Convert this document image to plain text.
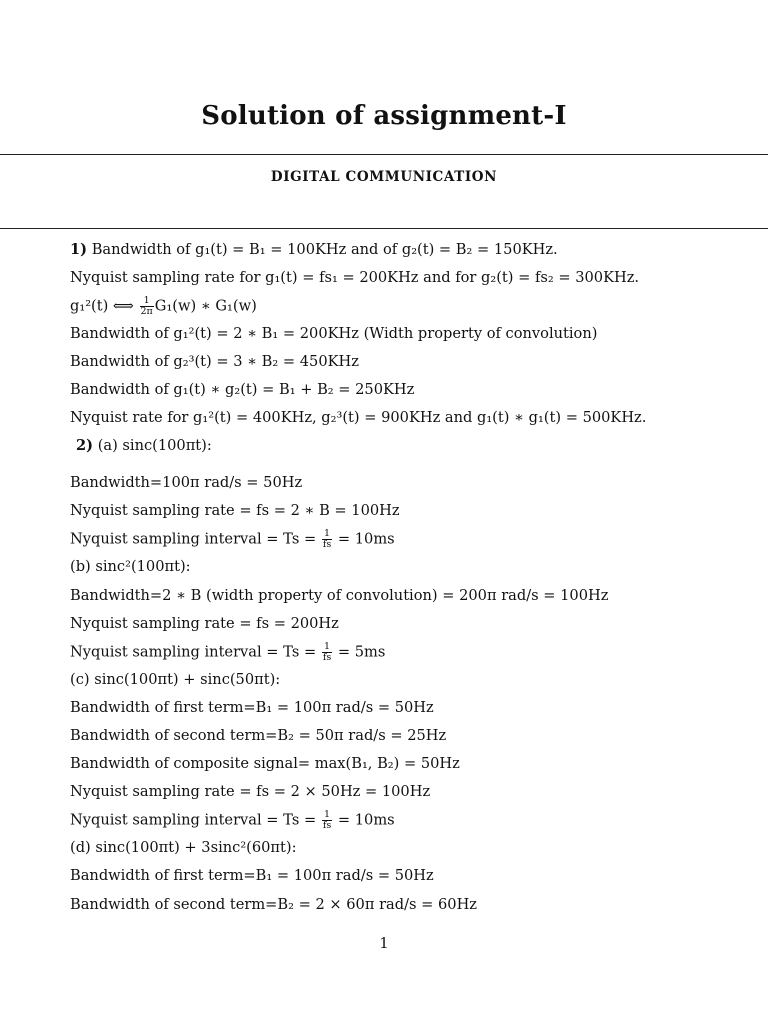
Solution of assignment-I
DIGITAL COMMUNICATION
1) Bandwidth of g₁(t) = B₁ = 100KHz and of g₂(t) = B₂ = 150KHz.
Nyquist sampling rate for g₁(t) = fs₁ = 200KHz and for g₂(t) = fs₂ = 300KHz.
g₁²(t) ⟺ $\frac{1}{2\pi} G_1(w)$ ∗ G₁(w)
Bandwidth of g₁²(t) = 2 ∗ B₁ = 200KHz (Width property of convolution)
Bandwidth of g₂³(t) = 3 ∗ B₂ = 450KHz
Bandwidth of g₁(t) ∗ g₂(t) = B₁ + B₂ = 250KHz
Nyquist rate for g₁²(t) = 400KHz, g₂³(t) = 900KHz and g₁(t) ∗ g₁(t) = 500KHz.
2) (a) sinc(100πt):
Bandwidth=100π rad/s = 50Hz
Nyquist sampling rate = fs = 2 ∗ B = 100Hz
Nyquist sampling interval = $Ts = \frac{1}{fs} = 10ms$
(b) sinc²(100πt):
Bandwidth=2 ∗ B (width property of convolution) = 200π rad/s = 100Hz
Nyquist sampling rate = fs = 200Hz
Nyquist sampling interval = $Ts = \frac{1}{fs} = 5ms$
(c) sinc(100πt) + sinc(50πt):
Bandwidth of first term=B₁ = 100π rad/s = 50Hz
Bandwidth of second term=B₂ = 50π rad/s = 25Hz
Bandwidth of composite signal= max(B₁, B₂) = 50Hz
Nyquist sampling rate = fs = 2 × 50Hz = 100Hz
Nyquist sampling interval = $Ts = \frac{1}{fs} = 10ms$
(d) sinc(100πt) + 3sinc²(60πt):
Bandwidth of first term=B₁ = 100π rad/s = 50Hz
Bandwidth of second term=B₂ = 2 × 60π rad/s = 60Hz
1
